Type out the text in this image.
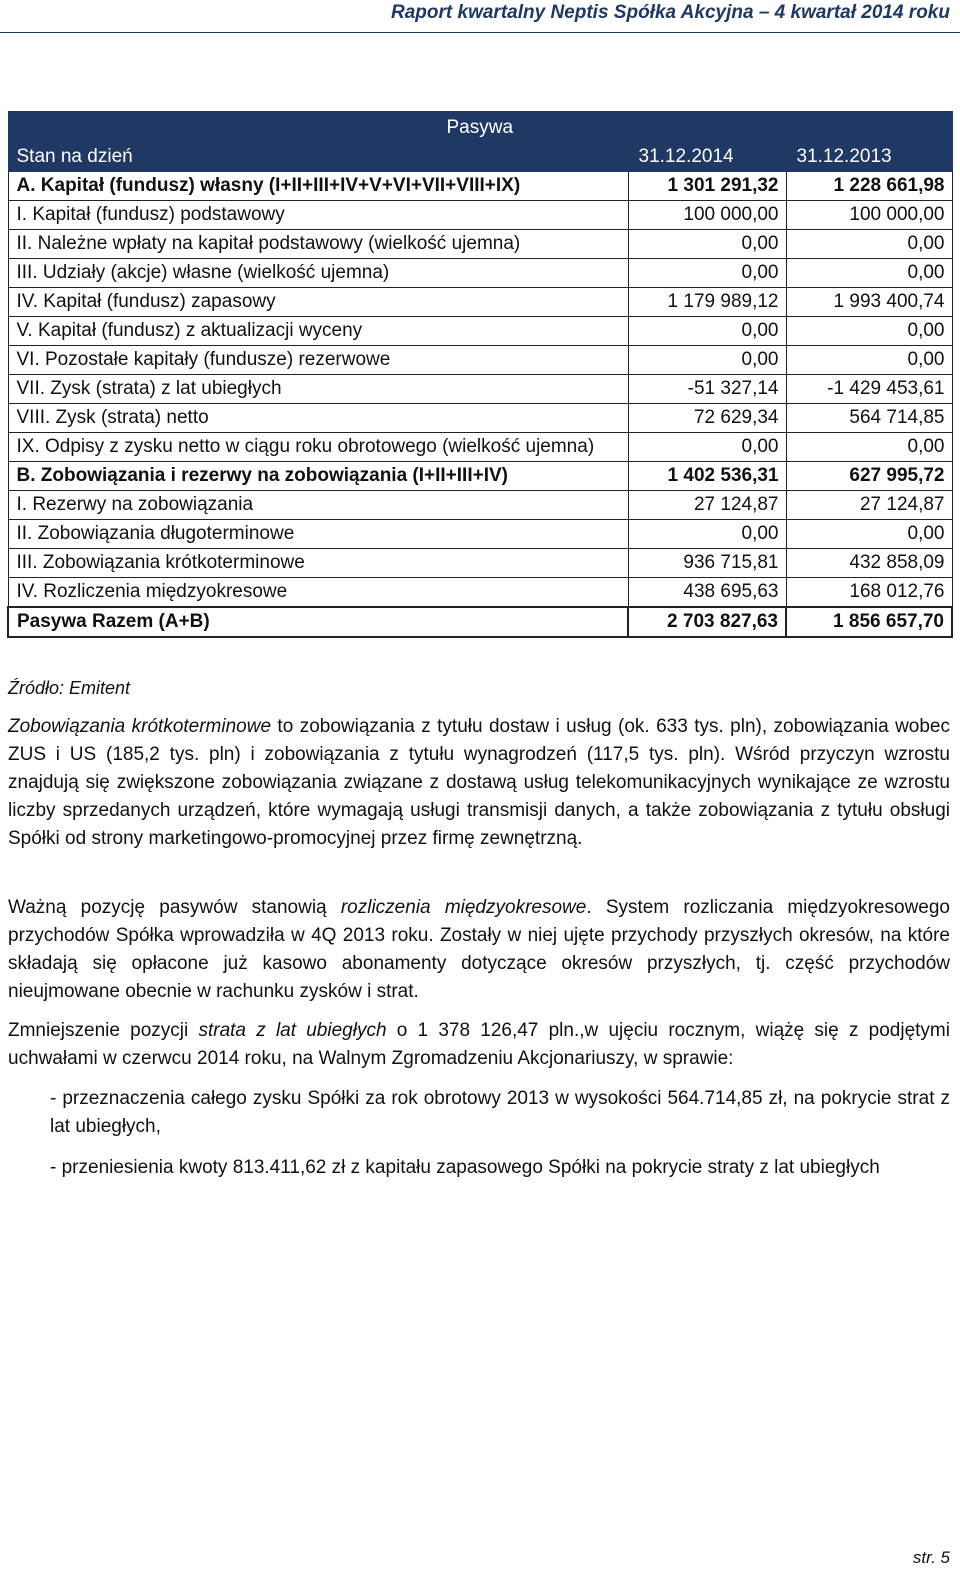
Raport kwartalny Neptis Spółka Akcyjna – 4 kwartał 2014 roku
	Pasywa	
Stan na dzień	31.12.2014	31.12.2013
A. Kapitał (fundusz) własny (I+II+III+IV+V+VI+VII+VIII+IX)	1 301 291,32	1 228 661,98
I. Kapitał (fundusz) podstawowy	100 000,00	100 000,00
II. Należne wpłaty na kapitał podstawowy (wielkość ujemna)	0,00	0,00
III. Udziały (akcje) własne (wielkość ujemna)	0,00	0,00
IV. Kapitał (fundusz) zapasowy	1 179 989,12	1 993 400,74
V. Kapitał (fundusz) z aktualizacji wyceny	0,00	0,00
VI. Pozostałe kapitały (fundusze) rezerwowe	0,00	0,00
VII. Zysk (strata) z lat ubiegłych	-51 327,14	-1 429 453,61
VIII. Zysk (strata) netto	72 629,34	564 714,85
IX. Odpisy z zysku netto w ciągu roku obrotowego (wielkość ujemna)	0,00	0,00
B. Zobowiązania i rezerwy na zobowiązania (I+II+III+IV)	1 402 536,31	627 995,72
I. Rezerwy na zobowiązania	27 124,87	27 124,87
II. Zobowiązania długoterminowe	0,00	0,00
III. Zobowiązania krótkoterminowe	936 715,81	432 858,09
IV. Rozliczenia międzyokresowe	438 695,63	168 012,76
Pasywa Razem (A+B)	2 703 827,63	1 856 657,70
Źródło: Emitent

Zobowiązania krótkoterminowe to zobowiązania z tytułu dostaw i usług (ok. 633 tys. pln), zobowiązania wobec ZUS i US (185,2 tys. pln) i zobowiązania z tytułu wynagrodzeń (117,5 tys. pln). Wśród przyczyn wzrostu znajdują się zwiększone zobowiązania związane z dostawą usług telekomunikacyjnych wynikające ze wzrostu liczby sprzedanych urządzeń, które wymagają usługi transmisji danych, a także zobowiązania z tytułu obsługi Spółki od strony marketingowo-promocyjnej przez firmę zewnętrzną.

Ważną pozycję pasywów stanowią rozliczenia międzyokresowe. System rozliczania międzyokresowego przychodów Spółka wprowadziła w 4Q 2013 roku. Zostały w niej ujęte przychody przyszłych okresów, na które składają się opłacone już kasowo abonamenty dotyczące okresów przyszłych, tj. część przychodów nieujmowane obecnie w rachunku zysków i strat.

Zmniejszenie pozycji strata z lat ubiegłych o 1 378 126,47 pln.,w ujęciu rocznym, wiążę się z podjętymi uchwałami w czerwcu 2014 roku, na Walnym Zgromadzeniu Akcjonariuszy, w sprawie:

- przeznaczenia całego zysku Spółki za rok obrotowy 2013 w wysokości 564.714,85 zł, na pokrycie strat z lat ubiegłych,

- przeniesienia kwoty 813.411,62 zł z kapitału zapasowego Spółki na pokrycie straty z lat ubiegłych

str. 5
